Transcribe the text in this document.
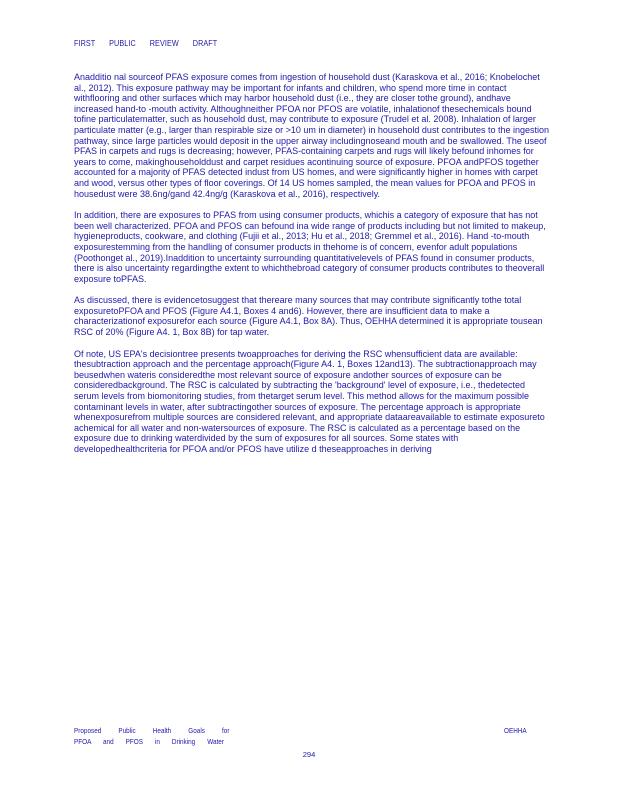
FIRST PUBLIC REVIEW DRAFT

Anadditio nal sourceof PFAS exposure comes from ingestion of household dust (Karaskova et al., 2016; Knobelochet al., 2012). This exposure pathway may be important for infants and children, who spend more time in contact withflooring and other surfaces which may harbor household dust (i.e., they are closer tothe ground), andhave increased hand-to -mouth activity. Althoughneither PFOA nor PFOS are volatile, inhalationof thesechemicals bound tofine particulatematter, such as household dust, may contribute to exposure (Trudel et al. 2008). Inhalation of larger particulate matter (e.g., larger than respirable size or >10 um in diameter) in household dust contributes to the ingestion pathway, since large particles would deposit in the upper airway includingnoseand mouth and be swallowed. The useof PFAS in carpets and rugs is decreasing; however, PFAS-containing carpets and rugs will likely befound inhomes for years to come, makinghouseholddust and carpet residues acontinuing source of exposure. PFOA andPFOS together accounted for a majority of PFAS detected indust from US homes, and were significantly higher in homes with carpet and wood, versus other types of floor coverings. Of 14 US homes sampled, the mean values for PFOA and PFOS in housedust were 38.6ng/gand 42.4ng/g (Karaskova et al., 2016), respectively.

In addition, there are exposures to PFAS from using consumer products, whichis a category of exposure that has not been well characterized. PFOA and PFOS can befound ina wide range of products including but not limited to makeup, hygieneproducts, cookware, and clothing (Fujii et al., 2013; Hu et al., 2018; Gremmel et al., 2016). Hand -to-mouth exposurestemming from the handling of consumer products in thehome is of concern, evenfor adult populations (Poothonget al., 2019).Inaddition to uncertainty surrounding quantitativelevels of PFAS found in consumer products, there is also uncertainty regardingthe extent to whichthebroad category of consumer products contributes to theoverall exposure toPFAS.

As discussed, there is evidencetosuggest that thereare many sources that may contribute significantly tothe total exposuretoPFOA and PFOS (Figure A4.1, Boxes 4 and6). However, there are insufficient data to make a characterizationof exposurefor each source (Figure A4.1, Box 8A). Thus, OEHHA determined it is appropriate tousean RSC of 20% (Figure A4. 1, Box 8B) for tap water.

Of note, US EPA's decisiontree presents twoapproaches for deriving the RSC whensufficient data are available: thesubtraction approach and the percentage approach(Figure A4. 1, Boxes 12and13). The subtractionapproach may beusedwhen wateris consideredthe most relevant source of exposure andother sources of exposure can be consideredbackground. The RSC is calculated by subtracting the 'background' level of exposure, i.e., thedetected serum levels from biomonitoring studies, from thetarget serum level. This method allows for the maximum possible contaminant levels in water, after subtractingother sources of exposure. The percentage approach is appropriate whenexposurefrom multiple sources are considered relevant, and appropriate dataareavailable to estimate exposureto achemical for all water and non-watersources of exposure. The RSC is calculated as a percentage based on the exposure due to drinking waterdivided by the sum of exposures for all sources. Some states with developedhealthcriteria for PFOA and/or PFOS have utilize d theseapproaches in deriving

Proposed Public Health Goals for
PFOA and PFOS in Drinking Water
OEHHA
294
